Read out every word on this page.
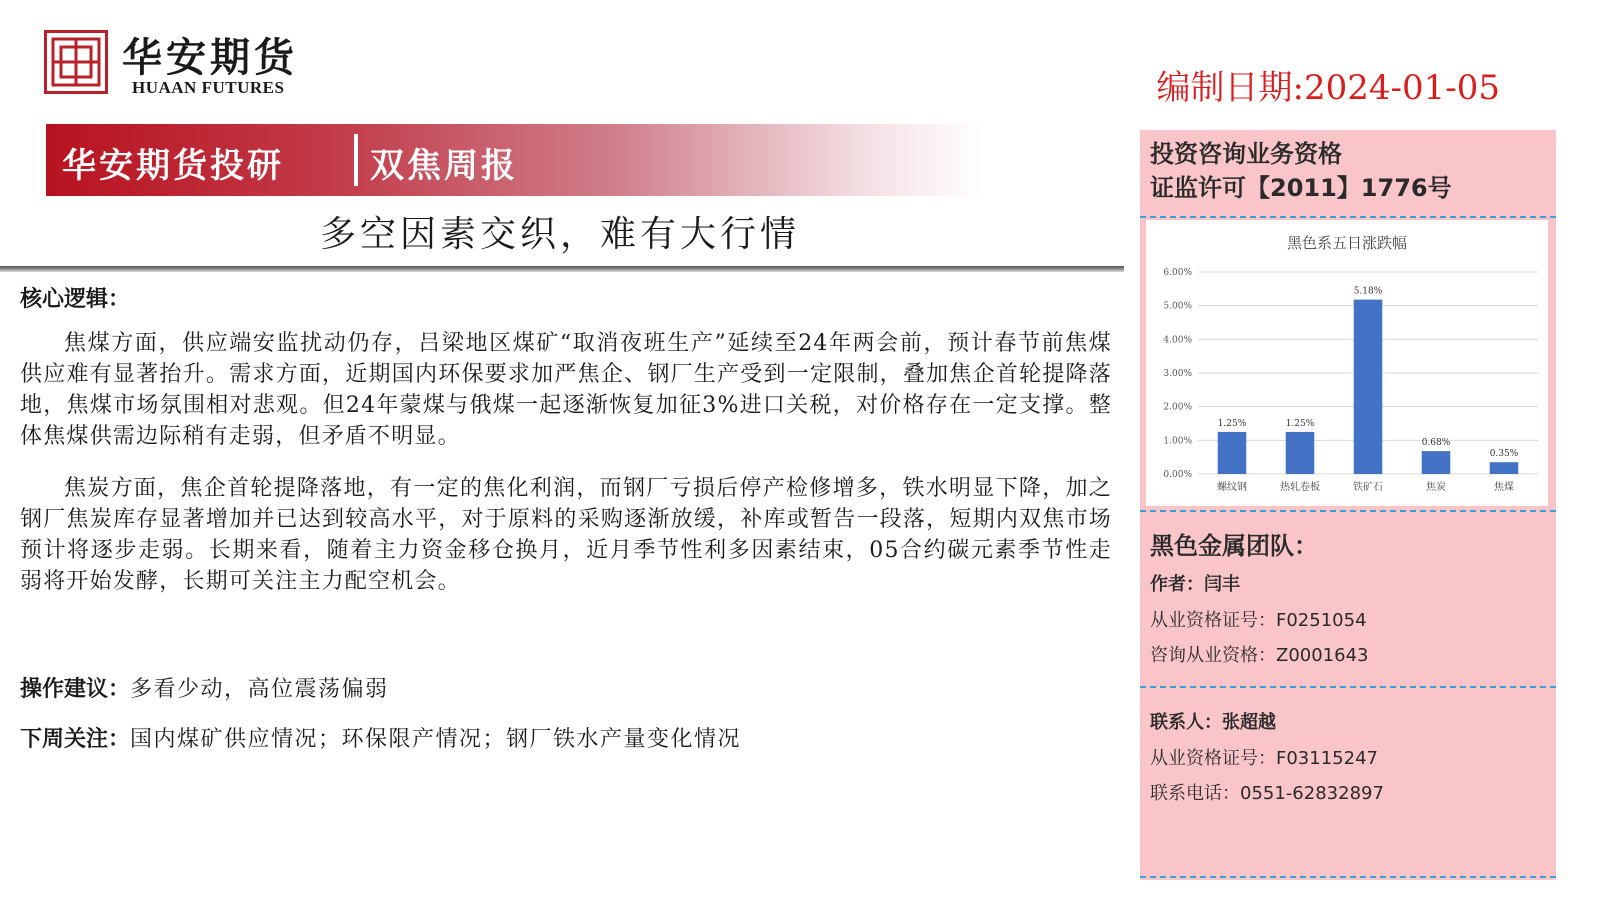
华安期货
HUAAN FUTURES	编制日期:2024-01-05
华安期货投研	双焦周报
多空因素交织，难有大行情
核心逻辑：
焦煤方面，供应端安监扰动仍存，吕梁地区煤矿“取消夜班生产”延续至24年两会前，预计春节前焦煤供应难有显著抬升。需求方面，近期国内环保要求加严焦企、钢厂生产受到一定限制，叠加焦企首轮提降落地，焦煤市场氛围相对悲观。但24年蒙煤与俄煤一起逐渐恢复加征3%进口关税，对价格存在一定支撑。整体焦煤供需边际稍有走弱，但矛盾不明显。
焦炭方面，焦企首轮提降落地，有一定的焦化利润，而钢厂亏损后停产检修增多，铁水明显下降，加之钢厂焦炭库存显著增加并已达到较高水平，对于原料的采购逐渐放缓，补库或暂告一段落，短期内双焦市场预计将逐步走弱。长期来看，随着主力资金移仓换月，近月季节性利多因素结束，05合约碳元素季节性走弱将开始发酵，长期可关注主力配空机会。
操作建议：多看少动，高位震荡偏弱
下周关注：国内煤矿供应情况；环保限产情况；钢厂铁水产量变化情况
投资咨询业务资格
证监许可【2011】1776号
黑色系五日涨跌幅
0.00%
1.00%
2.00%
3.00%
4.00%
5.00%
6.00%
1.25%
螺纹钢
1.25%
热轧卷板
5.18%
铁矿石
0.68%
焦炭
0.35%
焦煤
黑色金属团队：
作者：闫丰
从业资格证号：F0251054
咨询从业资格：Z0001643
联系人：张超越
从业资格证号：F03115247
联系电话：0551-62832897
